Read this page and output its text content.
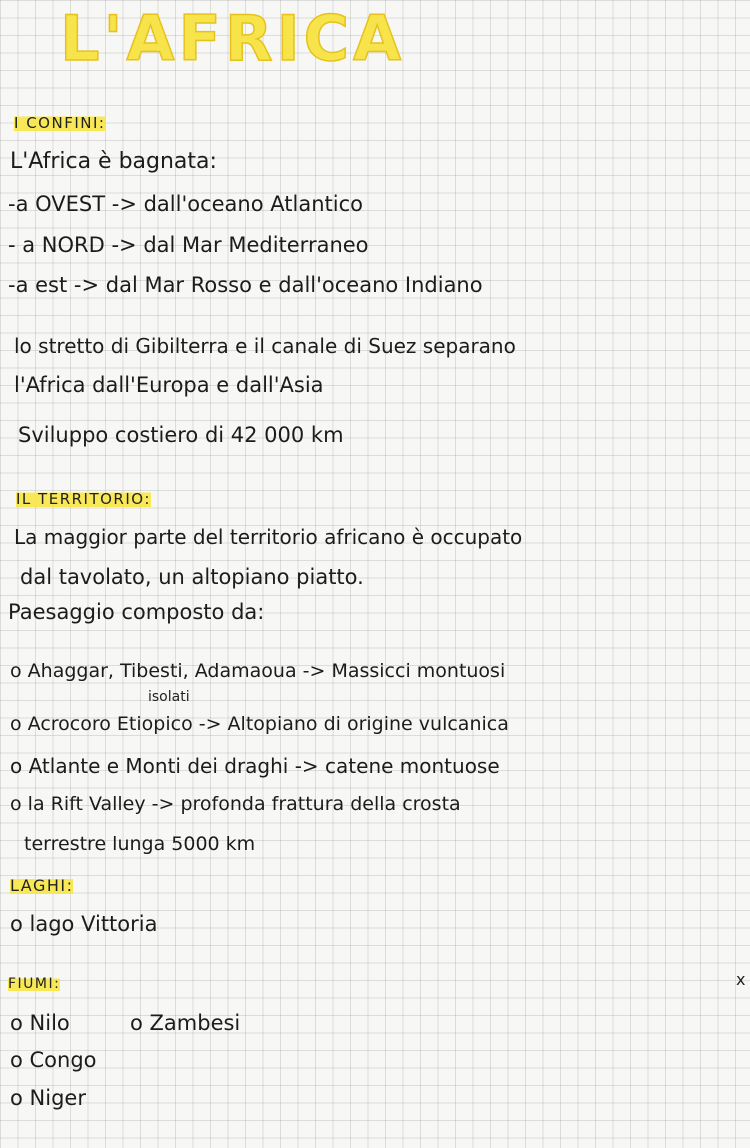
L'AFRICA
I CONFINI:
L'Africa è bagnata:
-a OVEST -> dall'oceano Atlantico
- a NORD -> dal Mar Mediterraneo
-a est -> dal Mar Rosso e dall'oceano Indiano
lo stretto di Gibilterra e il canale di Suez separano
l'Africa dall'Europa e dall'Asia
Sviluppo costiero di 42 000 km
IL TERRITORIO:
La maggior parte del territorio africano è occupato
dal tavolato, un altopiano piatto.
Paesaggio composto da:
o Ahaggar, Tibesti, Adamaoua -> Massicci montuosi
isolati
o Acrocoro Etiopico -> Altopiano di origine vulcanica
o Atlante e Monti dei draghi -> catene montuose
o la Rift Valley -> profonda frattura della crosta
terrestre lunga 5000 km
LAGHI:
o lago Vittoria
FIUMI:
o Nilo	o Zambesi
o Congo
o Niger
x
